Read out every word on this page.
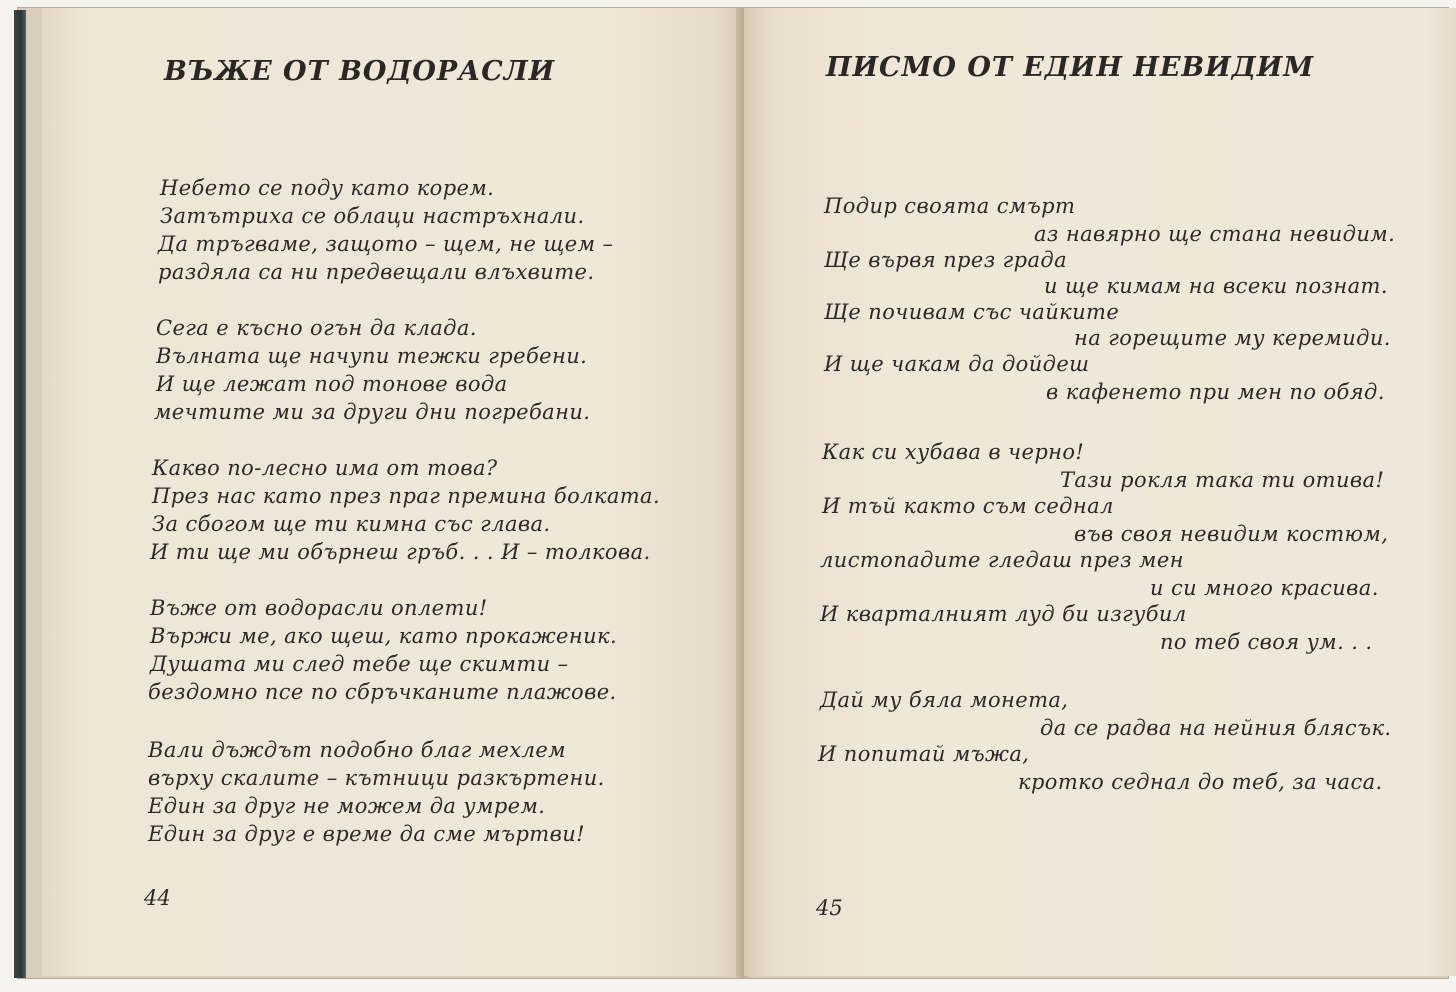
ВЪЖЕ ОТ ВОДОРАСЛИ
Небето се поду като корем.
Затътриха се облаци настръхнали.
Да тръгваме, защото – щем, не щем –
раздяла са ни предвещали влъхвите.
Сега е късно огън да клада.
Вълната ще начупи тежки гребени.
И ще лежат под тонове вода
мечтите ми за други дни погребани.
Какво по-лесно има от това?
През нас като през праг премина болката.
За сбогом ще ти кимна със глава.
И ти ще ми обърнеш гръб. . . И – толкова.
Въже от водорасли оплети!
Вържи ме, ако щеш, като прокаженик.
Душата ми след тебе ще скимти –
бездомно псе по сбръчканите плажове.
Вали дъждът подобно благ мехлем
върху скалите – кътници разкъртени.
Един за друг не можем да умрем.
Един за друг е време да сме мъртви!
44
ПИСМО ОТ ЕДИН НЕВИДИМ
Подир своята смърт
аз навярно ще стана невидим.
Ще вървя през града
и ще кимам на всеки познат.
Ще почивам със чайките
на горещите му керемиди.
И ще чакам да дойдеш
в кафенето при мен по обяд.
Как си хубава в черно!
Тази рокля така ти отива!
И тъй както съм седнал
във своя невидим костюм,
листопадите гледаш през мен
и си много красива.
И кварталният луд би изгубил
по теб своя ум. . .
Дай му бяла монета,
да се радва на нейния блясък.
И попитай мъжа,
кротко седнал до теб, за часа.
45
